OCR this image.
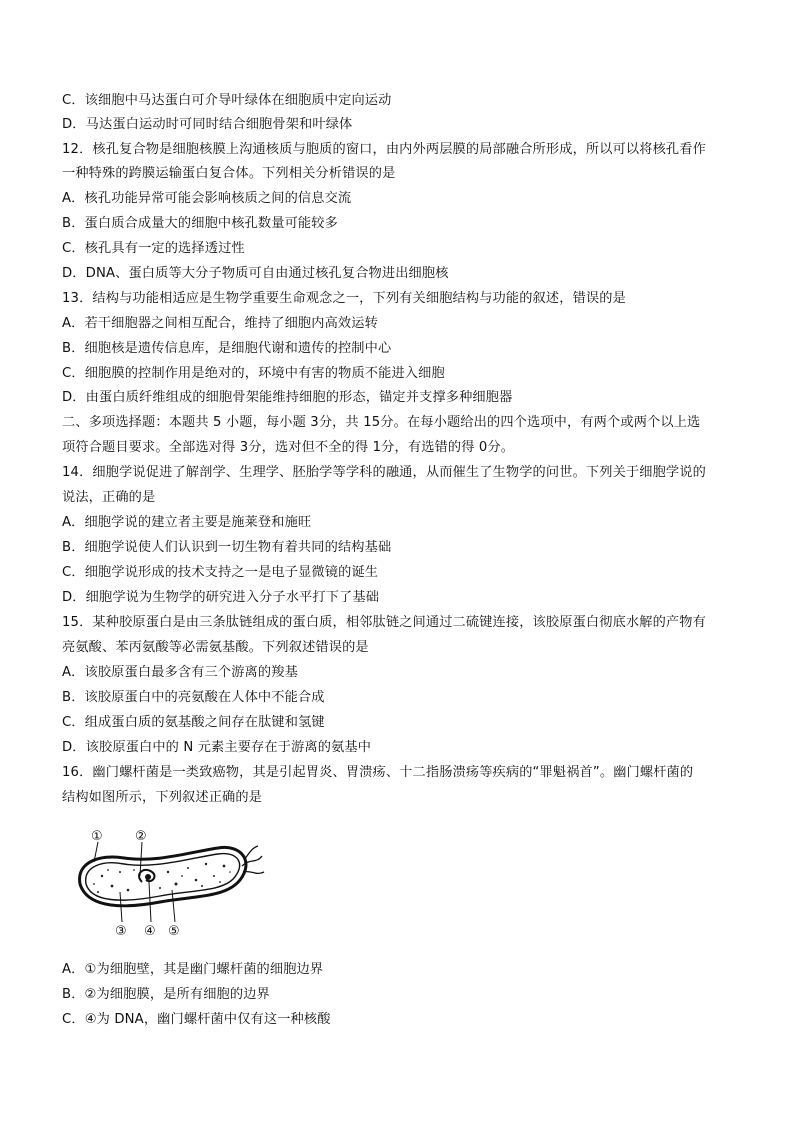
C．该细胞中马达蛋白可介导叶绿体在细胞质中定向运动
D．马达蛋白运动时可同时结合细胞骨架和叶绿体
12．核孔复合物是细胞核膜上沟通核质与胞质的窗口，由内外两层膜的局部融合所形成，所以可以将核孔看作
一种特殊的跨膜运输蛋白复合体。下列相关分析错误的是
A．核孔功能异常可能会影响核质之间的信息交流
B．蛋白质合成量大的细胞中核孔数量可能较多
C．核孔具有一定的选择透过性
D．DNA、蛋白质等大分子物质可自由通过核孔复合物进出细胞核
13．结构与功能相适应是生物学重要生命观念之一，下列有关细胞结构与功能的叙述，错误的是
A．若干细胞器之间相互配合，维持了细胞内高效运转
B．细胞核是遗传信息库，是细胞代谢和遗传的控制中心
C．细胞膜的控制作用是绝对的，环境中有害的物质不能进入细胞
D．由蛋白质纤维组成的细胞骨架能维持细胞的形态，锚定并支撑多种细胞器
二、多项选择题：本题共 5 小题，每小题 3分，共 15分。在每小题给出的四个选项中，有两个或两个以上选
项符合题目要求。全部选对得 3分，选对但不全的得 1分，有选错的得 0分。
14．细胞学说促进了解剖学、生理学、胚胎学等学科的融通，从而催生了生物学的问世。下列关于细胞学说的
说法，正确的是
A．细胞学说的建立者主要是施莱登和施旺
B．细胞学说使人们认识到一切生物有着共同的结构基础
C．细胞学说形成的技术支持之一是电子显微镜的诞生
D．细胞学说为生物学的研究进入分子水平打下了基础
15．某种胶原蛋白是由三条肽链组成的蛋白质，相邻肽链之间通过二硫键连接，该胶原蛋白彻底水解的产物有
亮氨酸、苯丙氨酸等必需氨基酸。下列叙述错误的是
A．该胶原蛋白最多含有三个游离的羧基
B．该胶原蛋白中的亮氨酸在人体中不能合成
C．组成蛋白质的氨基酸之间存在肽键和氢键
D．该胶原蛋白中的 N 元素主要存在于游离的氨基中
16．幽门螺杆菌是一类致癌物，其是引起胃炎、胃溃疡、十二指肠溃疡等疾病的“罪魁祸首”。幽门螺杆菌的
结构如图所示，下列叙述正确的是
① ②
③ ④ ⑤
A．①为细胞壁，其是幽门螺杆菌的细胞边界
B．②为细胞膜，是所有细胞的边界
C．④为 DNA，幽门螺杆菌中仅有这一种核酸
